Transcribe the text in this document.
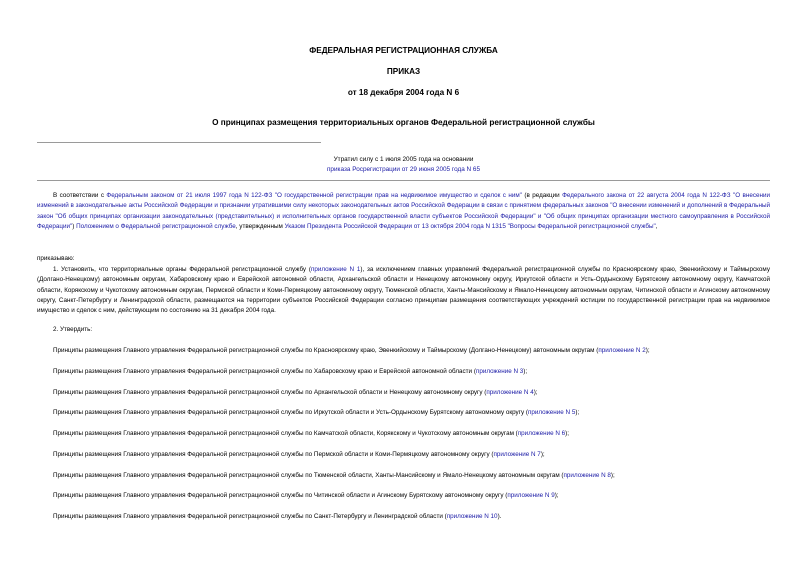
ФЕДЕРАЛЬНАЯ РЕГИСТРАЦИОННАЯ СЛУЖБА
ПРИКАЗ
от 18 декабря 2004 года N 6
О принципах размещения территориальных органов Федеральной регистрационной службы
Утратил силу с 1 июля 2005 года на основании
приказа Росрегистрации от 29 июня 2005 года N 65
В соответствии с Федеральным законом от 21 июля 1997 года N 122-ФЗ "О государственной регистрации прав на недвижимое имущество и сделок с ним" (в редакции Федерального закона от 22 августа 2004 года N 122-ФЗ "О внесении изменений в законодательные акты Российской Федерации и признании утратившими силу некоторых законодательных актов Российской Федерации в связи с принятием федеральных законов "О внесении изменений и дополнений в Федеральный закон "Об общих принципах организации законодательных (представительных) и исполнительных органов государственной власти субъектов Российской Федерации" и "Об общих принципах организации местного самоуправления в Российской Федерации") Положением о Федеральной регистрационной службе, утвержденным Указом Президента Российской Федерации от 13 октября 2004 года N 1315 "Вопросы Федеральной регистрационной службы",
приказываю:
1. Установить, что территориальные органы Федеральной регистрационной службу (приложение N 1), за исключением главных управлений Федеральной регистрационной службы по Красноярскому краю, Эвенкийскому и Таймырскому (Долгано-Ненецкому) автономным округам, Хабаровскому краю и Еврейской автономной области, Архангельской области и Ненецкому автономному округу, Иркутской области и Усть-Ордынскому Бурятскому автономному округу, Камчатской области, Корякскому и Чукотскому автономным округам, Пермской области и Коми-Пермяцкому автономному округу, Тюменской области, Ханты-Мансийскому и Ямало-Ненецкому автономным округам, Читинской области и Агинскому автономному округу, Санкт-Петербургу и Ленинградской области, размещаются на территории субъектов Российской Федерации согласно принципам размещения соответствующих учреждений юстиции по государственной регистрации прав на недвижимое имущество и сделок с ним, действующим по состоянию на 31 декабря 2004 года.
2. Утвердить:
Принципы размещения Главного управления Федеральной регистрационной службы по Красноярскому краю, Эвенкийскому и Таймырскому (Долгано-Ненецкому) автономным округам (приложение N 2);
Принципы размещения Главного управления Федеральной регистрационной службы по Хабаровскому краю и Еврейской автономной области (приложение N 3);
Принципы размещения Главного управления Федеральной регистрационной службы по Архангельской области и Ненецкому автономному округу (приложение N 4);
Принципы размещения Главного управления Федеральной регистрационной службы по Иркутской области и Усть-Ордынскому Бурятскому автономному округу (приложение N 5);
Принципы размещения Главного управления Федеральной регистрационной службы по Камчатской области, Корякскому и Чукотскому автономным округам (приложение N 6);
Принципы размещения Главного управления Федеральной регистрационной службы по Пермской области и Коми-Пермяцкому автономному округу (приложение N 7);
Принципы размещения Главного управления Федеральной регистрационной службы по Тюменской области, Ханты-Мансийскому и Ямало-Ненецкому автономным округам (приложение N 8);
Принципы размещения Главного управления Федеральной регистрационной службы по Читинской области и Агинскому Бурятскому автономному округу (приложение N 9);
Принципы размещения Главного управления Федеральной регистрационной службы по Санкт-Петербургу и Ленинградской области (приложение N 10).
